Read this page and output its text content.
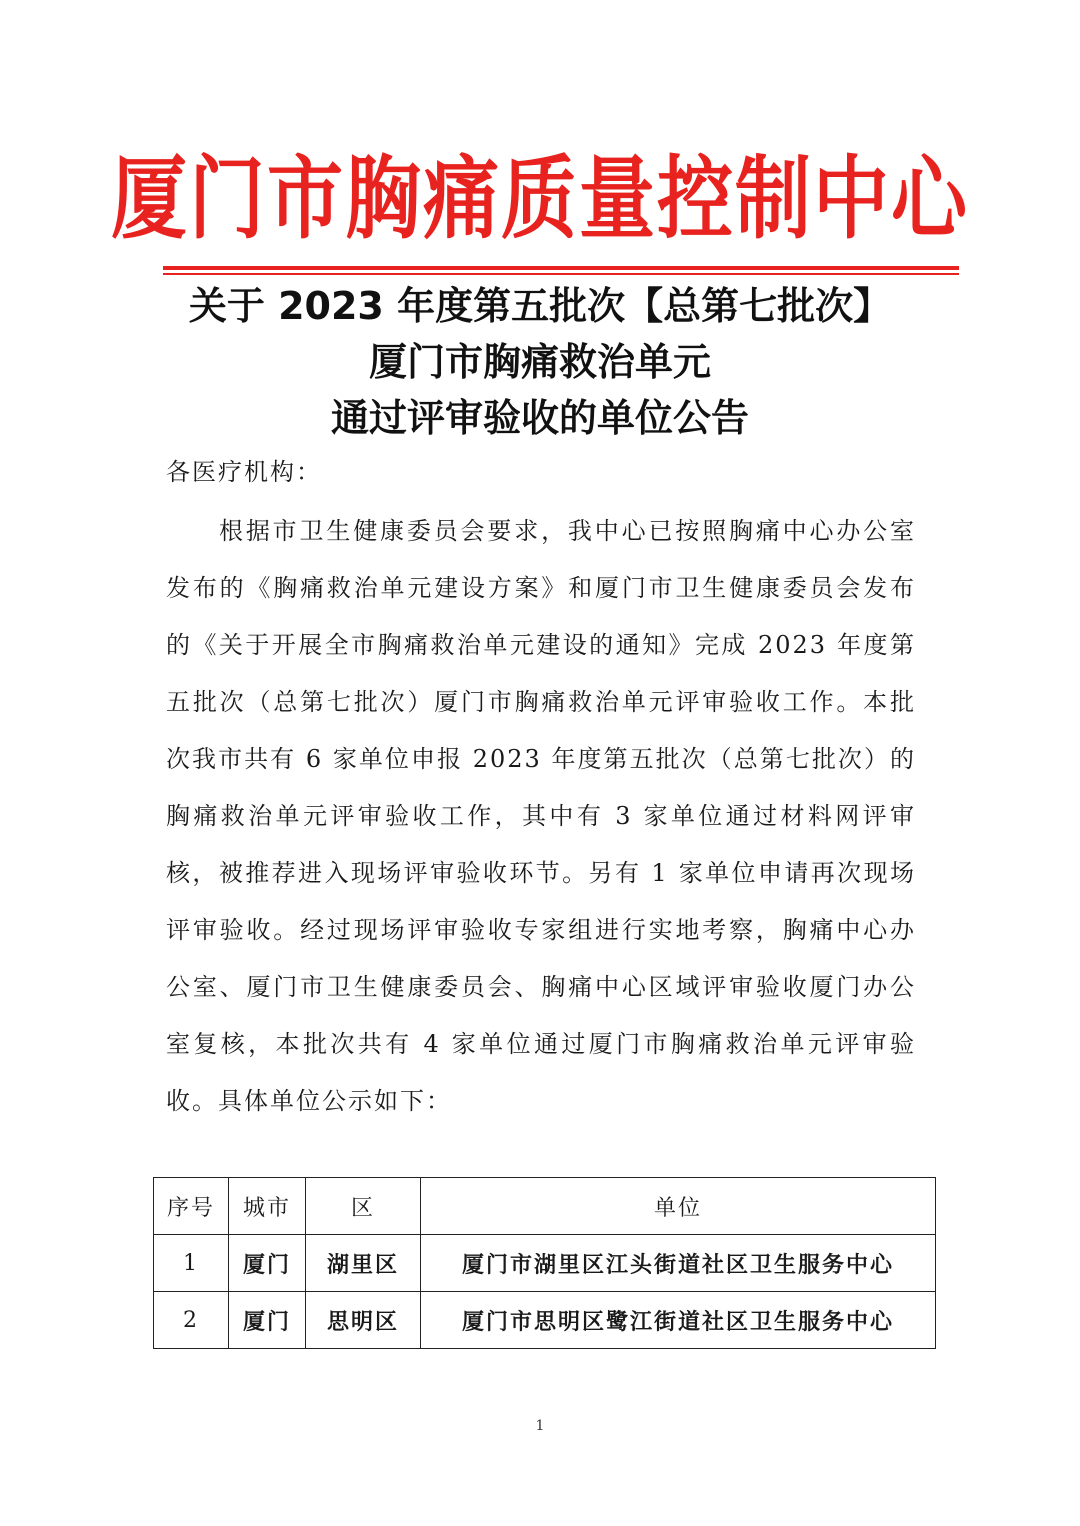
厦门市胸痛质量控制中心
关于 2023 年度第五批次【总第七批次】
厦门市胸痛救治单元
通过评审验收的单位公告
各医疗机构：
根据市卫生健康委员会要求，我中心已按照胸痛中心办公室发布的《胸痛救治单元建设方案》和厦门市卫生健康委员会发布的《关于开展全市胸痛救治单元建设的通知》完成 2023 年度第五批次（总第七批次）厦门市胸痛救治单元评审验收工作。本批次我市共有 6 家单位申报 2023 年度第五批次（总第七批次）的胸痛救治单元评审验收工作，其中有 3 家单位通过材料网评审核，被推荐进入现场评审验收环节。另有 1 家单位申请再次现场评审验收。经过现场评审验收专家组进行实地考察，胸痛中心办公室、厦门市卫生健康委员会、胸痛中心区域评审验收厦门办公室复核，本批次共有 4 家单位通过厦门市胸痛救治单元评审验收。具体单位公示如下：
序号	城市	区	单位
1	厦门	湖里区	厦门市湖里区江头街道社区卫生服务中心
2	厦门	思明区	厦门市思明区鹭江街道社区卫生服务中心
1
